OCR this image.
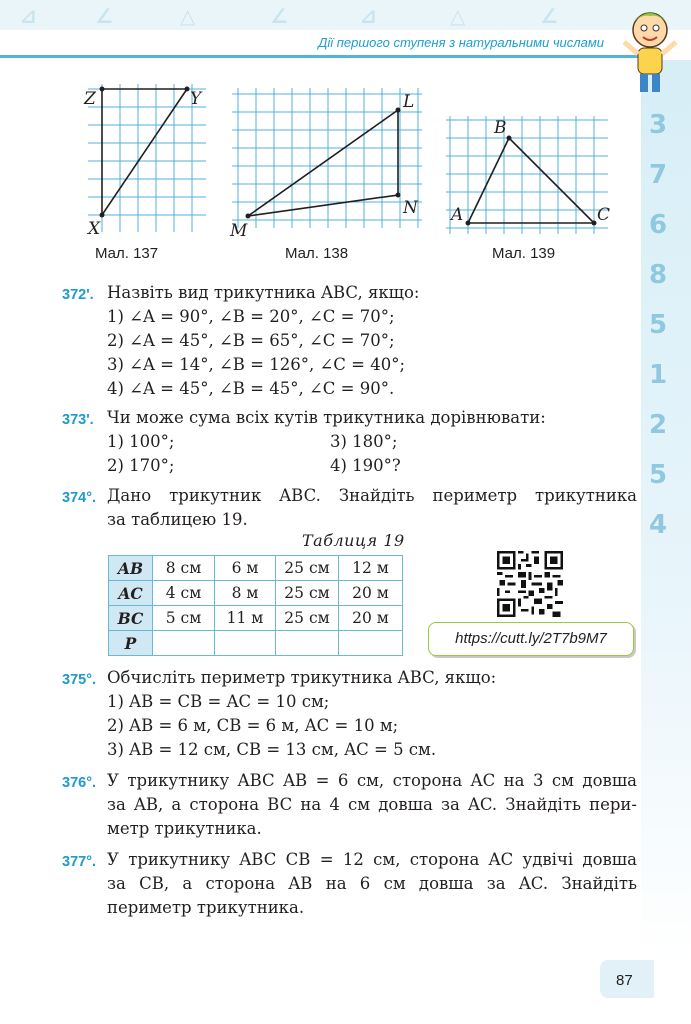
⊿	∠	△	∠	⊿	△	∠
Дії першого ступеня з натуральними числами
3
7
6
8
5
1
2
5
4
Z	Y
X
Мал. 137
L
N
M
Мал. 138
B
A	C
Мал. 139
372'. Назвіть вид трикутника ABC, якщо:
1) ∠A = 90°, ∠B = 20°, ∠C = 70°;
2) ∠A = 45°, ∠B = 65°, ∠C = 70°;
3) ∠A = 14°, ∠B = 126°, ∠C = 40°;
4) ∠A = 45°, ∠B = 45°, ∠C = 90°.
373'. Чи може сума всіх кутів трикутника дорівнювати:
1) 100°;	3) 180°;
2) 170°;	4) 190°?
374°. Дано трикутник ABC. Знайдіть периметр трикутника
за таблицею 19.
Таблиця 19
AB	8 см	6 м	25 см	12 м
AC	4 см	8 м	25 см	20 м
BC	5 см	11 м	25 см	20 м
P					https://cutt.ly/2T7b9M7
375°. Обчисліть периметр трикутника ABC, якщо:
1) AB = CB = AC = 10 см;
2) AB = 6 м, CB = 6 м, AC = 10 м;
3) AB = 12 см, CB = 13 см, AC = 5 см.
376°. У трикутнику ABC AB = 6 см, сторона AC на 3 см довша
за AB, а сторона BC на 4 см довша за AC. Знайдіть пери-
метр трикутника.
377°. У трикутнику ABC CB = 12 см, сторона AC удвічі довша
за CB, а сторона AB на 6 см довша за AC. Знайдіть
периметр трикутника.
87
